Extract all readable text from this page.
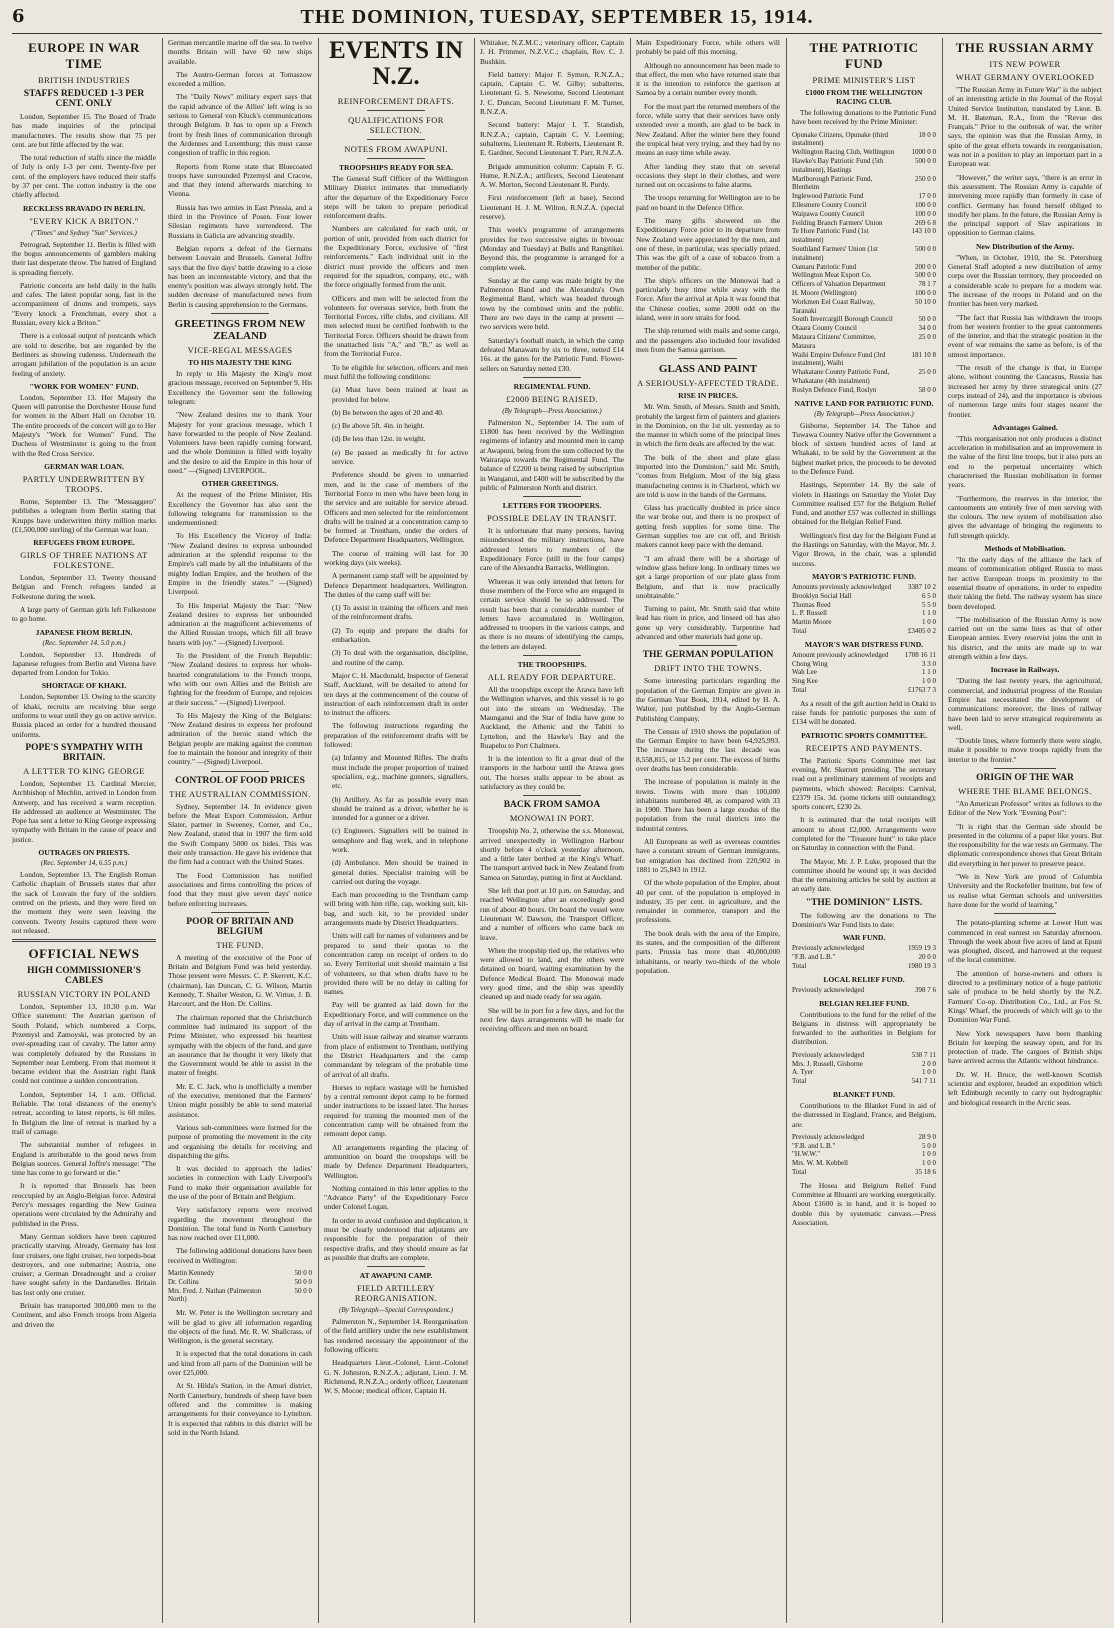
6	THE DOMINION, TUESDAY, SEPTEMBER 15, 1914.
EUROPE IN WAR TIME
BRITISH INDUSTRIES
STAFFS REDUCED 1-3 PER CENT. ONLY

London, September 15. The Board of Trade has made inquiries of the principal manufacturers. The results show that 75 per cent. are but little affected by the war.

The total reduction of staffs since the middle of July is only 1-3 per cent. Twenty-five per cent. of the employers have reduced their staffs by 37 per cent. The cotton industry is the one chiefly affected.

RECKLESS BRAVADO IN BERLIN.
"EVERY KICK A BRITON."
("Times" and Sydney "Sun" Services.)

Petrograd, September 11. Berlin is filled with the bogus announcements of gamblers making their last desperate throw. The hatred of England is spreading fiercely.

Patriotic concerts are held daily in the halls and cafes. The latest popular song, fast in the accompaniment of drums and trumpets, says "Every knock a Frenchman, every shot a Russian, every kick a Briton."

There is a colossal output of postcards which are sold to describe, but are regarded by the Berliners as showing rudeness. Underneath the arrogant jubilation of the population is an acute feeling of anxiety.

"WORK FOR WOMEN" FUND.

London, September 13. Her Majesty the Queen will patronise the Dorchester House fund for women in the Albert Hall on October 10. The entire proceeds of the concert will go to Her Majesty's "Work for Women" Fund. The Duchess of Westminster is going to the front with the Red Cross Service.

GERMAN WAR LOAN.
PARTLY UNDERWRITTEN BY TROOPS.

Rome, September 13. The "Messaggero" publishes a telegram from Berlin stating that Krupps have underwritten thirty million marks (£1,500,000 sterling) of the German war loan.

REFUGEES FROM EUROPE.
GIRLS OF THREE NATIONS AT FOLKESTONE.

London, September 13. Twenty thousand Belgian and French refugees landed at Folkestone during the week.

A large party of German girls left Folkestone to go home.

JAPANESE FROM BERLIN.
(Rec. September 14, 5.0 p.m.)

London, September 13. Hundreds of Japanese refugees from Berlin and Vienna have departed from London for Tokio.

SHORTAGE OF KHAKI.

London, September 13. Owing to the scarcity of khaki, recruits are receiving blue serge uniforms to wear until they go on active service. Russia placed an order for a hundred thousand uniforms.

POPE'S SYMPATHY WITH BRITAIN.
A LETTER TO KING GEORGE

London, September 13. Cardinal Mercier, Archbishop of Mechlin, arrived in London from Antwerp, and has received a warm reception. He addressed an audience at Westminster. The Pope has sent a letter to King George expressing sympathy with Britain in the cause of peace and justice.

OUTRAGES ON PRIESTS.
(Rec. September 14, 6.55 p.m.)

London, September 13. The English Roman Catholic chaplain of Brussels states that after the sack of Louvain the fury of the soldiers centred on the priests, and they were fired on the moment they were seen leaving the convents. Twenty Jesuits captured there were not released.

OFFICIAL NEWS
HIGH COMMISSIONER'S CABLES
RUSSIAN VICTORY IN POLAND

London, September 13, 10.30 p.m. War Office statement: The Austrian garrison of South Poland, which numbered a Corps, Przemysl and Zamoyski, was protected by an ever-spreading cast of cavalry. The latter army was completely defeated by the Russians in September near Lemberg. From that moment it became evident that the Austrian right flank could not continue a sudden concentration.

London, September 14, 1 a.m. Official. Reliable. The total distances of the enemy's retreat, according to latest reports, is 60 miles. In Belgium the line of retreat is marked by a trail of carnage.

The substantial number of refugees in England is attributable to the good news from Belgian sources. General Joffre's message: "The time has come to go forward or die."

It is reported that Brussels has been reoccupied by an Anglo-Belgian force. Admiral Percy's messages regarding the New Guinea operations were circulated by the Admiralty and published in the Press.

Many German soldiers have been captured practically starving. Already, Germany has lost four cruisers, one light cruiser, two torpedo-boat destroyers, and one submarine; Austria, one cruiser; a German Dreadnought and a cruiser have sought safety in the Dardanelles. Britain has lost only one cruiser.

Britain has transported 300,000 men to the Continent, and also French troops from Algeria and driven the

German mercantile marine off the sea. In twelve months Britain will have 60 new ships available.

The Austro-German forces at Tomaszow exceeded a million.

The "Daily News" military expert says that the rapid advance of the Allies' left wing is so serious to General von Kluck's communications through Belgium. It has to open up a French front by fresh lines of communication through the Ardennes and Luxemburg; this must cause congestion of traffic in this region.

Reports from Rome state that Bluecoated troops have surrounded Przemysl and Cracow, and that they intend afterwards marching to Vienna.

Russia has two armies in East Prussia, and a third in the Province of Posen. Four lower Silesian regiments have surrendered. The Russians in Galicia are advancing steadily.

Belgian reports a defeat of the Germans between Louvain and Brussels. General Joffre says that the five days' battle drawing to a close has been an incontestable victory, and that the enemy's position was always strongly held. The sudden decrease of manufactured news from Berlin is causing apprehension to the Germans.

GREETINGS FROM NEW ZEALAND
VICE-REGAL MESSAGES
TO HIS MAJESTY THE KING

In reply to His Majesty the King's most gracious message, received on September 9, His Excellency the Governor sent the following telegram:

"New Zealand desires me to thank Your Majesty for your gracious message, which I have forwarded to the people of New Zealand. Volunteers have been rapidly coming forward, and the whole Dominion is filled with loyalty and the desire to aid the Empire in this hour of need." —(Signed) LIVERPOOL.

OTHER GREETINGS.

At the request of the Prime Minister, His Excellency the Governor has also sent the following telegrams for transmission to the undermentioned:

To His Excellency the Viceroy of India: "New Zealand desires to express unbounded admiration at the splendid response to the Empire's call made by all the inhabitants of the mighty Indian Empire, and the brothers of the Empire in the friendly states." —(Signed) Liverpool.

To His Imperial Majesty the Tsar: "New Zealand desires to express her unbounded admiration at the magnificent achievements of the Allied Russian troops, which fill all brave hearts with joy." —(Signed) Liverpool.

To the President of the French Republic: "New Zealand desires to express her whole-hearted congratulations to the French troops, who with our own Allies and the British are fighting for the freedom of Europe, and rejoices at their success." —(Signed) Liverpool.

To His Majesty the King of the Belgians: "New Zealand desires to express her profound admiration of the heroic stand which the Belgian people are making against the common foe to maintain the honour and integrity of their country." —(Signed) Liverpool.

CONTROL OF FOOD PRICES
THE AUSTRALIAN COMMISSION.

Sydney, September 14. In evidence given before the Meat Export Commission, Arthur Slater, partner in Sweeney, Corner, and Co., New Zealand, stated that in 1907 the firm sold the Swift Company 5000 ox hides. This was their only transaction. He gave his evidence that the firm had a contract with the United States.

The Food Commission has notified associations and firms controlling the prices of food that they must give seven days' notice before enforcing increases.

POOR OF BRITAIN AND BELGIUM
THE FUND.

A meeting of the executive of the Poor of Britain and Belgium Fund was held yesterday. Those present were Messrs. C. P. Skerrett, K.C. (chairman), Ian Duncan, C. G. Wilson, Martin Kennedy, T. Shailer Weston, G. W. Virtue, J. B. Harcourt, and the Hon. Dr. Collins.

The chairman reported that the Christchurch committee had intimated its support of the Prime Minister, who expressed his heartiest sympathy with the objects of the fund, and gave an assurance that he thought it very likely that the Government would be able to assist in the matter of freight.

Mr. E. C. Jack, who is unofficially a member of the executive, mentioned that the Farmers' Union might possibly be able to send material assistance.

Various sub-committees were formed for the purpose of promoting the movement in the city and organising the details for receiving and dispatching the gifts.

It was decided to approach the ladies' societies in connection with Lady Liverpool's Fund to make their organisation available for the use of the poor of Britain and Belgium.

Very satisfactory reports were received regarding the movement throughout the Dominion. The total fund in North Canterbury has now reached over £11,000.

The following additional donations have been received in Wellington:

Martin Kennedy	50 0 0
Dr. Collins	50 0 0
Mrs. Fred. J. Nathan (Palmerston North)	50 0 0

Mr. W. Peter is the Wellington secretary and will be glad to give all information regarding the objects of the fund. Mr. R. W. Shallcrass, of Wellington, is the general secretary.

It is expected that the total donations in cash and kind from all parts of the Dominion will be over £25,000.

At St. Hilda's Station, in the Amuri district, North Canterbury, hundreds of sheep have been offered and the committee is making arrangements for their conveyance to Lyttelton. It is expected that rabbits in this district will be sold in the North Island.

EVENTS IN N.Z.
REINFORCEMENT DRAFTS.
QUALIFICATIONS FOR SELECTION.
NOTES FROM AWAPUNI.
TROOPSHIPS READY FOR SEA.

The General Staff Officer of the Wellington Military District intimates that immediately after the departure of the Expeditionary Force steps will be taken to prepare periodical reinforcement drafts.

Numbers are calculated for each unit, or portion of unit, provided from each district for the Expeditionary Force, exclusive of "first reinforcements." Each individual unit in the district must provide the officers and men required for the squadron, company, etc., with the force originally formed from the unit.

Officers and men will be selected from the volunteers for overseas service, both from the Territorial Forces, rifle clubs, and civilians. All men selected must be certified forthwith to the Territorial Force. Officers should be drawn from the unattached lists "A," and "B," as well as from the Territorial Force.

To be eligible for selection, officers and men must fulfil the following conditions:

(a) Must have been trained at least as provided for below.

(b) Be between the ages of 20 and 40.

(c) Be above 5ft. 4in. in height.

(d) Be less than 12st. in weight.

(e) Be passed as medically fit for active service.

Preference should be given to unmarried men, and in the case of members of the Territorial Force to men who have been long in the service and are suitable for service abroad. Officers and men selected for the reinforcement drafts will be trained at a concentration camp to be formed at Trentham, under the orders of Defence Department Headquarters, Wellington.

The course of training will last for 30 working days (six weeks).

A permanent camp staff will be appointed by Defence Department headquarters, Wellington. The duties of the camp staff will be:

(1) To assist in training the officers and men of the reinforcement drafts.

(2) To equip and prepare the drafts for embarkation.

(3) To deal with the organisation, discipline, and routine of the camp.

Major C. H. Macdonald, Inspector of General Staff, Auckland, will be detailed to attend for ten days at the commencement of the course of instruction of each reinforcement draft in order to instruct the officers.

The following instructions regarding the preparation of the reinforcement drafts will be followed:

(a) Infantry and Mounted Rifles. The drafts must include the proper proportion of trained specialists, e.g., machine gunners, signallers, etc.

(b) Artillery. As far as possible every man should be trained as a driver, whether he is intended for a gunner or a driver.

(c) Engineers. Signallers will be trained in semaphore and flag work, and in telephone work.

(d) Ambulance. Men should be trained in general duties. Specialist training will be carried out during the voyage.

Each man proceeding to the Trentham camp will bring with him rifle, cap, working suit, kit-bag, and such kit, to be provided under arrangements made by District Headquarters.

Units will call for names of volunteers and be prepared to send their quotas to the concentration camp on receipt of orders to do so. Every Territorial unit should maintain a list of volunteers, so that when drafts have to be provided there will be no delay in calling for names.

Pay will be granted as laid down for the Expeditionary Force, and will commence on the day of arrival in the camp at Trentham.

Units will issue railway and steamer warrants from place of enlistment to Trentham, notifying the District Headquarters and the camp commandant by telegram of the probable time of arrival of all drafts.

Horses to replace wastage will be furnished by a central remount depot camp to be formed under instructions to be issued later. The horses required for training the mounted men of the concentration camp will be obtained from the remount depot camp.

All arrangements regarding the placing of ammunition on board the troopships will be made by Defence Department Headquarters, Wellington.

Nothing contained in this letter applies to the "Advance Party" of the Expeditionary Force under Colonel Logan.

In order to avoid confusion and duplication, it must be clearly understood that adjutants are responsible for the preparation of their respective drafts, and they should ensure as far as possible that drafts are complete.

AT AWAPUNI CAMP.
FIELD ARTILLERY REORGANISATION.
(By Telegraph—Special Correspondent.)

Palmerston N., September 14. Reorganisation of the field artillery under the new establishment has rendered necessary the appointment of the following officers:

Headquarters Lieut.-Colonel, Lieut.-Colonel G. N. Johnston, R.N.Z.A.; adjutant, Lieut. J. M. Richmond, R.N.Z.A.; orderly officer, Lieutenant W. S. Mocoe; medical officer, Captain H.

Whitaker, N.Z.M.C.; veterinary officer, Captain J. H. Primmer, N.Z.V.C.; chaplain, Rev. C. J. Bushkin.

Field battery: Major F. Symon, R.N.Z.A.; captain, Captain C. W. Gilby; subalterns, Lieutenant G. S. Newsome, Second Lieutenant J. C. Duncan, Second Lieutenant F. M. Turner, R.N.Z.A.

Second battery: Major I. T. Standish, R.N.Z.A.; captain, Captain C. V. Leeming; subalterns, Lieutenant R. Roberts, Lieutenant R. E. Gardner, Second Lieutenant T. Parr, R.N.Z.A.

Brigade ammunition column: Captain F. G. Hume, R.N.Z.A.; artificers, Second Lieutenant A. W. Morton, Second Lieutenant R. Purdy.

First reinforcement (left at base), Second Lieutenant H. J. M. Wilton, R.N.Z.A. (special reserve).

This week's programme of arrangements provides for two successive nights in bivouac (Monday and Tuesday) at Bulls and Rangitikei. Beyond this, the programme is arranged for a complete week.

Sunday at the camp was made bright by the Palmerston Band and the Alexandra's Own Regimental Band, which was headed through town by the combined units and the public. There are two days in the camp at present — two services were held.

Saturday's football match, in which the camp defeated Manawatu by six to three, netted £14 16s. at the gates for the Patriotic Fund. Flower-sellers on Saturday netted £30.

REGIMENTAL FUND.
£2000 BEING RAISED.
(By Telegraph—Press Association.)

Palmerston N., September 14. The sum of £1800 has been received by the Wellington regiments of infantry and mounted men in camp at Awapuni, being from the sum collected by the Wairarapa towards the Regimental Fund. The balance of £2200 is being raised by subscription in Wanganui, and £400 will be subscribed by the public of Palmerston North and district.

LETTERS FOR TROOPERS.
POSSIBLE DELAY IN TRANSIT.

It is unfortunate that many persons, having misunderstood the military instructions, have addressed letters to members of the Expeditionary Force (still in the four camps) care of the Alexandra Barracks, Wellington.

Whereas it was only intended that letters for those members of the Force who are engaged in certain service should be so addressed. The result has been that a considerable number of letters have accumulated in Wellington, addressed to troopers in the various camps, and as there is no means of identifying the camps, the letters are delayed.

THE TROOPSHIPS.
ALL READY FOR DEPARTURE.

All the troopships except the Arawa have left the Wellington wharves, and this vessel is to go out into the stream on Wednesday. The Maunganui and the Star of India have gone to Auckland, the Athenic and the Tahiti to Lyttelton, and the Hawke's Bay and the Ruapehu to Port Chalmers.

It is the intention to fit a great deal of the transports in the harbour until the Arawa goes out. The horses stalls appear to be about as satisfactory as they could be.

BACK FROM SAMOA
MONOWAI IN PORT.

Troopship No. 2, otherwise the s.s. Monowai, arrived unexpectedly in Wellington Harbour shortly before 4 o'clock yesterday afternoon, and a little later berthed at the King's Wharf. The transport arrived back in New Zealand from Samoa on Saturday, putting in first at Auckland.

She left that port at 10 p.m. on Saturday, and reached Wellington after an exceedingly good run of about 40 hours. On board the vessel were Lieutenant W. Dawson, the Transport Officer, and a number of officers who came back on leave.

When the troopship tied up, the relatives who were allowed to land, and the others were detained on board, waiting examination by the Defence Medical Board. The Monowai made very good time, and the ship was speedily cleaned up and made ready for sea again.

She will be in port for a few days, and for the next few days arrangements will be made for receiving officers and men on board.

Main Expeditionary Force, while others will probably be paid off this morning.

Although no announcement has been made to that effect, the men who have returned state that it is the intention to reinforce the garrison at Samoa by a certain number every month.

For the most part the returned members of the force, while sorry that their services have only extended over a month, are glad to be back in New Zealand. After the winter here they found the tropical heat very trying, and they had by no means an easy time while away.

After landing they state that on several occasions they slept in their clothes, and were turned out on occasions to false alarms.

The troops returning for Wellington are to be paid on board in the Defence Office.

The many gifts showered on the Expeditionary Force prior to its departure from New Zealand were appreciated by the men, and one of these, in particular, was specially prized. This was the gift of a case of tobacco from a member of the public.

The ship's officers on the Monowai had a particularly busy time while away with the Force. After the arrival at Apia it was found that the Chinese coolies, some 2000 odd on the island, were in sore straits for food.

The ship returned with mails and some cargo, and the passengers also included four invalided men from the Samoa garrison.

GLASS AND PAINT
A SERIOUSLY-AFFECTED TRADE.
RISE IN PRICES.

Mr. Wm. Smith, of Messrs. Smith and Smith, probably the largest firm of painters and glaziers in the Dominion, on the 1st ult. yesterday as to the manner in which some of the principal lines in which the firm deals are affected by the war.

The bulk of the sheet and plate glass imported into the Dominion," said Mr. Smith, "comes from Belgium. Most of the big glass manufacturing centres is in Charleroi, which we are told is now in the hands of the Germans.

Glass has practically doubled in price since the war broke out, and there is no prospect of getting fresh supplies for some time. The German supplies too are cut off, and British makers cannot keep pace with the demand.

"I am afraid there will be a shortage of window glass before long. In ordinary times we get a large proportion of our plate glass from Belgium, and that is now practically unobtainable."

Turning to paint, Mr. Smith said that white lead has risen in price, and linseed oil has also gone up very considerably. Turpentine had advanced and other materials had gone up.

THE GERMAN POPULATION
DRIFT INTO THE TOWNS.

Some interesting particulars regarding the population of the German Empire are given in the German Year Book, 1914, edited by H. A. Walter, just published by the Anglo-German Publishing Company.

The Census of 1910 shows the population of the German Empire to have been 64,925,993. The increase during the last decade was 8,558,815, or 15.2 per cent. The excess of births over deaths has been considerable.

The increase of population is mainly in the towns. Towns with more than 100,000 inhabitants numbered 48, as compared with 33 in 1900. There has been a large exodus of the population from the rural districts into the industrial centres.

All Europeans as well as overseas countries have a constant stream of German immigrants, but emigration has declined from 220,902 in 1881 to 25,843 in 1912.

Of the whole population of the Empire, about 40 per cent. of the population is employed in industry, 35 per cent. in agriculture, and the remainder in commerce, transport and the professions.

The book deals with the area of the Empire, its states, and the composition of the different parts. Prussia has more than 40,000,000 inhabitants, or nearly two-thirds of the whole population.

THE PATRIOTIC FUND
PRIME MINISTER'S LIST
£1000 FROM THE WELLINGTON RACING CLUB.

The following donations to the Patriotic Fund have been received by the Prime Minister:

Opunake Citizens, Opunake (third instalment)	18 0 0
Wellington Racing Club, Wellington	1000 0 0
Hawke's Bay Patriotic Fund (5th instalment), Hastings	500 0 0
Marlborough Patriotic Fund, Blenheim	250 0 0
Inglewood Patriotic Fund	17 0 0
Ellesmere County Council	100 0 0
Waipawa County Council	100 0 0
Feilding Branch Farmers' Union	269 6 8
Te Hore Patriotic Fund (1st instalment)	143 10 0
Southland Farmers' Union (1st instalment)	500 0 0
Oamaru Patriotic Fund	200 0 0
Wellington Meat Export Co.	500 0 0
Officers of Valuation Department	78 1 7
H. Moore (Wellington)	100 0 0
Workmen Eel Coast Railway, Taranaki	50 10 0
South Invercargill Borough Council	50 0 0
Otaara County Council	34 0 0
Mataura Citizens' Committee, Mataura	25 0 0
Waihi Empire Defence Fund (3rd instalment), Waihi	181 10 8
Whakatane County Patriotic Fund, Whakatane (4th instalment)	25 0 0
Roslyn Defence Fund, Roslyn	58 0 0
NATIVE LAND FOR PATRIOTIC FUND.
(By Telegraph—Press Association.)

Gisborne, September 14. The Tahoe and Tuwawa Country Native offer the Government a block of sixteen hundred acres of land at Whakaki, to be sold by the Government at the highest market price, the proceeds to be devoted to the Defence Fund.

Hastings, September 14. By the sale of violets in Hastings on Saturday the Violet Day Committee realised £57 for the Belgium Relief Fund, and another £57 was collected in shillings obtained for the Belgian Relief Fund.

Wellington's first day for the Belgium Fund at the Hastings on Saturday, with the Mayor, Mr. J. Vigor Brown, in the chair, was a splendid success.

MAYOR'S PATRIOTIC FUND.
Amounts previously acknowledged	3387 10 2
Brooklyn Social Hall	6 5 0
Thomas Reed	5 5 0
L. P. Russell	1 1 0
Martin Moore	1 0 0
Total	£3405 0 2
MAYOR'S WAR DISTRESS FUND.
Amount previously acknowledged	1708 16 11
Chong Wing	3 3 0
Wah Lee	1 1 0
Sing Kee	1 0 0
Total	£1763 7 3

As a result of the gift auction held in Otaki to raise funds for patriotic purposes the sum of £134 will be donated.

PATRIOTIC SPORTS COMMITTEE.
RECEIPTS AND PAYMENTS.

The Patriotic Sports Committee met last evening, Mr. Skerrett presiding. The secretary read out a preliminary statement of receipts and payments, which showed: Receipts: Carnival, £2379 15s. 3d. (some tickets still outstanding); sports concert, £230 2s.

It is estimated that the total receipts will amount to about £2,000. Arrangements were completed for the "Treasure hunt" to take place on Saturday in connection with the Fund.

The Mayor, Mr. J. P. Luke, proposed that the committee should be wound up; it was decided that the remaining articles be sold by auction at an early date.

"THE DOMINION" LISTS.

The following are the donations to The Dominion's War Fund lists to date:

WAR FUND.
Previously acknowledged	1959 19 3
"F.B. and L.B."	20 0 0
Total	1980 19 3
LOCAL RELIEF FUND.
Previously acknowledged	398 7 6
BELGIAN RELIEF FUND.

Contributions to the fund for the relief of the Belgians in distress will appropriately be forwarded to the authorities in Belgium for distribution.

Previously acknowledged	538 7 11
Mrs. J. Russell, Gisborne	2 0 0
A. Tyer	1 0 0
Total	541 7 11
BLANKET FUND.

Contributions to the Blanket Fund in aid of the distressed in England, France, and Belgium, are:

Previously acknowledged	28 9 0
"F.B. and L.B."	5 0 0
"H.W.W."	1 0 0
Mrs. W. M. Kebbell	1 0 0
Total	35 18 6

The Hosea and Belgium Relief Fund Committee at Rhuanti are working energetically. About £1600 is in hand, and it is hoped to double this by systematic canvass.—Press Association.

THE RUSSIAN ARMY
ITS NEW POWER
WHAT GERMANY OVERLOOKED

"The Russian Army in Future War" is the subject of an interesting article in the Journal of the Royal United Service Institution, translated by Lieut. B. M. H. Bateman, R.A., from the "Revue des Français." Prior to the outbreak of war, the writer says, the opinion was that the Russian Army, in spite of the great efforts towards its reorganisation, was not in a position to play an important part in a European war.

"However," the writer says, "there is an error in this assessment. The Russian Army is capable of intervening more rapidly than formerly in case of conflict. Germany has found herself obliged to modify her plans. In the future, the Russian Army is the principal support of Slav aspirations in opposition to German claims.

New Distribution of the Army.

"When, in October, 1910, the St. Petersburg General Staff adopted a new distribution of army corps over the Russian territory, they proceeded on a considerable scale to prepare for a modern war. The increase of the troops in Poland and on the frontier has been very marked.

"The fact that Russia has withdrawn the troops from her western frontier to the great cantonments of the interior, and that the strategic position in the event of war remains the same as before, is of the utmost importance.

"The result of the change is that, in Europe alone, without counting the Caucasus, Russia has increased her army by three strategical units (27 corps instead of 24), and the importance is obvious of numerous large units four stages nearer the frontier.

Advantages Gained.

"This reorganisation not only produces a distinct acceleration in mobilisation and an improvement in the value of the first line troops, but it also puts an end to the perpetual uncertainty which characterised the Russian mobilisation in former years.

"Furthermore, the reserves in the interior, the cantonments are entirely free of men serving with the colours. The new system of mobilisation also gives the advantage of bringing the regiments to full strength quickly.

Methods of Mobilisation.

"In the early days of the alliance the lack of means of communication obliged Russia to mass her active European troops in proximity to the essential theatre of operations, in order to expedite their taking the field. The railway system has since been developed.

"The mobilisation of the Russian Army is now carried out on the same lines as that of other European armies. Every reservist joins the unit in his district, and the units are made up to war strength within a few days.

Increase in Railways.

"During the last twenty years, the agricultural, commercial, and industrial progress of the Russian Empire has necessitated the development of communications: moreover, the lines of railway have been laid to serve strategical requirements as well.

"Double lines, where formerly there were single, make it possible to move troops rapidly from the interior to the frontier."

ORIGIN OF THE WAR
WHERE THE BLAME BELONGS.

"An American Professor" writes as follows to the Editor of the New York "Evening Post":

"It is right that the German side should be presented in the columns of a paper like yours. But the responsibility for the war rests on Germany. The diplomatic correspondence shows that Great Britain did everything in her power to preserve peace.

"We in New York are proud of Columbia University and the Rockefeller Institute, but few of us realise what German schools and universities have done for the world of learning."

The potato-planting scheme at Lower Hutt was commenced in real earnest on Saturday afternoon. Through the week about five acres of land at Epuni was ploughed, disced, and harrowed at the request of the local committee.

The attention of horse-owners and others is directed to a preliminary notice of a huge patriotic sale of produce to be held shortly by the N.Z. Farmers' Co-op. Distribution Co., Ltd., at Fox St. Kings' Wharf, the proceeds of which will go to the Dominion War Fund.

New York newspapers have been thanking Britain for keeping the seaway open, and for its protection of trade. The cargoes of British ships have arrived across the Atlantic without hindrance.

Dr. W. H. Bruce, the well-known Scottish scientist and explorer, headed an expedition which left Edinburgh recently to carry out hydrographic and biological research in the Arctic seas.
